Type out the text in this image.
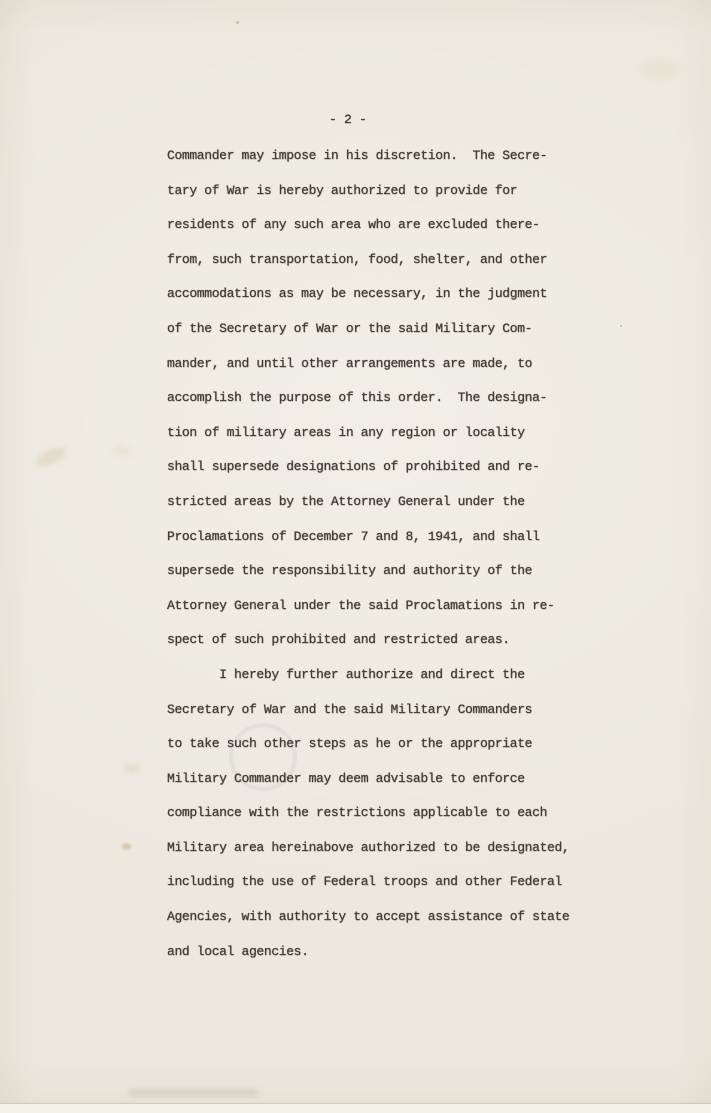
- 2 -
Commander may impose in his discretion.  The Secre-
tary of War is hereby authorized to provide for
residents of any such area who are excluded there-
from, such transportation, food, shelter, and other
accommodations as may be necessary, in the judgment
of the Secretary of War or the said Military Com-
mander, and until other arrangements are made, to
accomplish the purpose of this order.  The designa-
tion of military areas in any region or locality
shall supersede designations of prohibited and re-
stricted areas by the Attorney General under the
Proclamations of December 7 and 8, 1941, and shall
supersede the responsibility and authority of the
Attorney General under the said Proclamations in re-
spect of such prohibited and restricted areas.
I hereby further authorize and direct the
Secretary of War and the said Military Commanders
to take such other steps as he or the appropriate
Military Commander may deem advisable to enforce
compliance with the restrictions applicable to each
Military area hereinabove authorized to be designated,
including the use of Federal troops and other Federal
Agencies, with authority to accept assistance of state
and local agencies.
